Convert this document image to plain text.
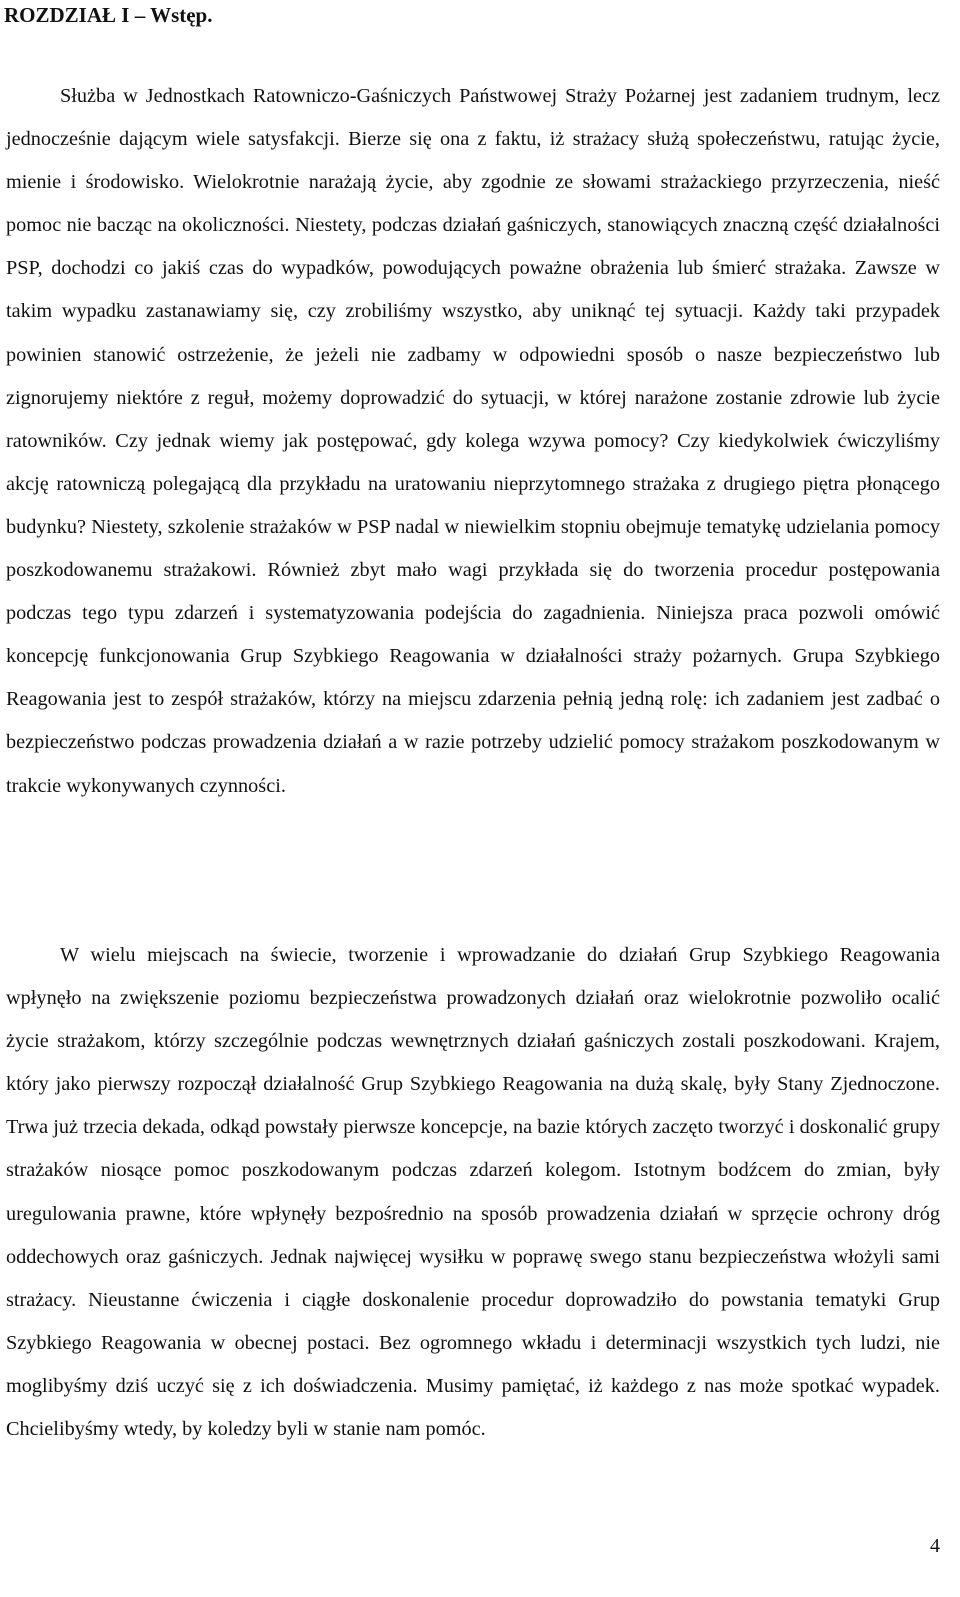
ROZDZIAŁ I – Wstęp.

Służba w Jednostkach Ratowniczo-Gaśniczych Państwowej Straży Pożarnej jest zadaniem trudnym, lecz jednocześnie dającym wiele satysfakcji. Bierze się ona z faktu, iż strażacy służą społeczeństwu, ratując życie, mienie i środowisko. Wielokrotnie narażają życie, aby zgodnie ze słowami strażackiego przyrzeczenia, nieść pomoc nie bacząc na okoliczności. Niestety, podczas działań gaśniczych, stanowiących znaczną część działalności PSP, dochodzi co jakiś czas do wypadków, powodujących poważne obrażenia lub śmierć strażaka. Zawsze w takim wypadku zastanawiamy się, czy zrobiliśmy wszystko, aby uniknąć tej sytuacji. Każdy taki przypadek powinien stanowić ostrzeżenie, że jeżeli nie zadbamy w odpowiedni sposób o nasze bezpieczeństwo lub zignorujemy niektóre z reguł, możemy doprowadzić do sytuacji, w której narażone zostanie zdrowie lub życie ratowników. Czy jednak wiemy jak postępować, gdy kolega wzywa pomocy? Czy kiedykolwiek ćwiczyliśmy akcję ratowniczą polegającą dla przykładu na uratowaniu nieprzytomnego strażaka z drugiego piętra płonącego budynku? Niestety, szkolenie strażaków w PSP nadal w niewielkim stopniu obejmuje tematykę udzielania pomocy poszkodowanemu strażakowi. Również zbyt mało wagi przykłada się do tworzenia procedur postępowania podczas tego typu zdarzeń i systematyzowania podejścia do zagadnienia. Niniejsza praca pozwoli omówić koncepcję funkcjonowania Grup Szybkiego Reagowania w działalności straży pożarnych. Grupa Szybkiego Reagowania jest to zespół strażaków, którzy na miejscu zdarzenia pełnią jedną rolę: ich zadaniem jest zadbać o bezpieczeństwo podczas prowadzenia działań a w razie potrzeby udzielić pomocy strażakom poszkodowanym w trakcie wykonywanych czynności.

W wielu miejscach na świecie, tworzenie i wprowadzanie do działań Grup Szybkiego Reagowania wpłynęło na zwiększenie poziomu bezpieczeństwa prowadzonych działań oraz wielokrotnie pozwoliło ocalić życie strażakom, którzy szczególnie podczas wewnętrznych działań gaśniczych zostali poszkodowani. Krajem, który jako pierwszy rozpoczął działalność Grup Szybkiego Reagowania na dużą skalę, były Stany Zjednoczone. Trwa już trzecia dekada, odkąd powstały pierwsze koncepcje, na bazie których zaczęto tworzyć i doskonalić grupy strażaków niosące pomoc poszkodowanym podczas zdarzeń kolegom. Istotnym bodźcem do zmian, były uregulowania prawne, które wpłynęły bezpośrednio na sposób prowadzenia działań w sprzęcie ochrony dróg oddechowych oraz gaśniczych. Jednak najwięcej wysiłku w poprawę swego stanu bezpieczeństwa włożyli sami strażacy. Nieustanne ćwiczenia i ciągłe doskonalenie procedur doprowadziło do powstania tematyki Grup Szybkiego Reagowania w obecnej postaci. Bez ogromnego wkładu i determinacji wszystkich tych ludzi, nie moglibyśmy dziś uczyć się z ich doświadczenia. Musimy pamiętać, iż każdego z nas może spotkać wypadek. Chcielibyśmy wtedy, by koledzy byli w stanie nam pomóc.

4
